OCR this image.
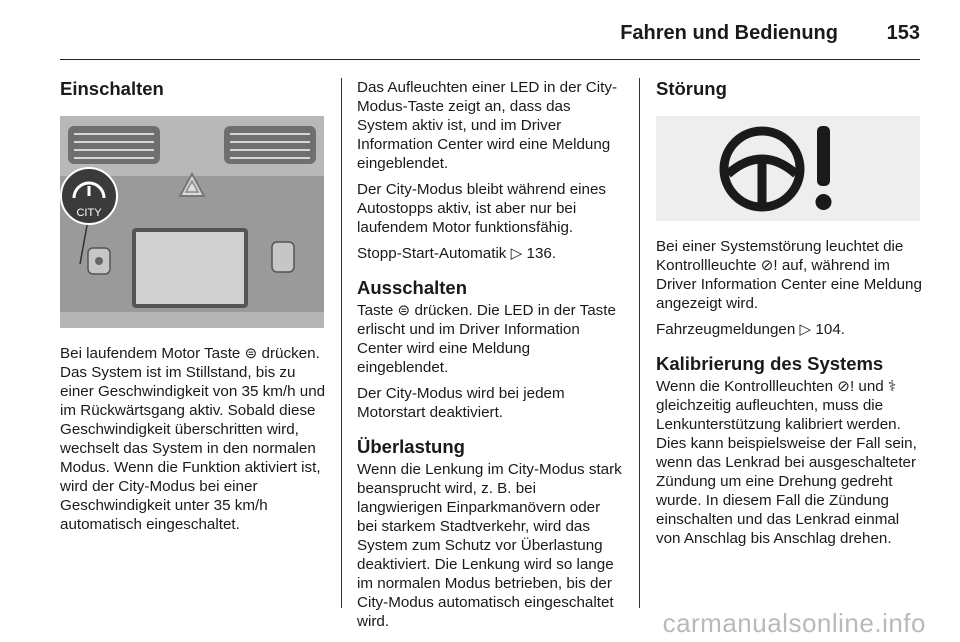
Fahren und Bedienung 153
Einschalten
CITY

Bei laufendem Motor Taste ⊜ drücken. Das System ist im Stillstand, bis zu einer Geschwindigkeit von 35 km/h und im Rückwärtsgang aktiv. Sobald diese Geschwindigkeit überschritten wird, wechselt das System in den normalen Modus. Wenn die Funktion aktiviert ist, wird der City-Modus bei einer Geschwindigkeit unter 35 km/h automatisch eingeschaltet.

Das Aufleuchten einer LED in der City-Modus-Taste zeigt an, dass das System aktiv ist, und im Driver Information Center wird eine Meldung eingeblendet.

Der City-Modus bleibt während eines Autostopps aktiv, ist aber nur bei laufendem Motor funktionsfähig.

Stopp-Start-Automatik ▷ 136.

Ausschalten

Taste ⊜ drücken. Die LED in der Taste erlischt und im Driver Information Center wird eine Meldung eingeblendet.

Der City-Modus wird bei jedem Motorstart deaktiviert.

Überlastung

Wenn die Lenkung im City-Modus stark beansprucht wird, z. B. bei langwierigen Einparkmanövern oder bei starkem Stadtverkehr, wird das System zum Schutz vor Überlastung deaktiviert. Die Lenkung wird so lange im normalen Modus betrieben, bis der City-Modus automatisch eingeschaltet wird.

Störung

Bei einer Systemstörung leuchtet die Kontrollleuchte ⊘! auf, während im Driver Information Center eine Meldung angezeigt wird.

Fahrzeugmeldungen ▷ 104.

Kalibrierung des Systems

Wenn die Kontrollleuchten ⊘! und ⚕ gleichzeitig aufleuchten, muss die Lenkunterstützung kalibriert werden. Dies kann beispielsweise der Fall sein, wenn das Lenkrad bei ausgeschalteter Zündung um eine Drehung gedreht wurde. In diesem Fall die Zündung einschalten und das Lenkrad einmal von Anschlag bis Anschlag drehen.

carmanualsonline.info
